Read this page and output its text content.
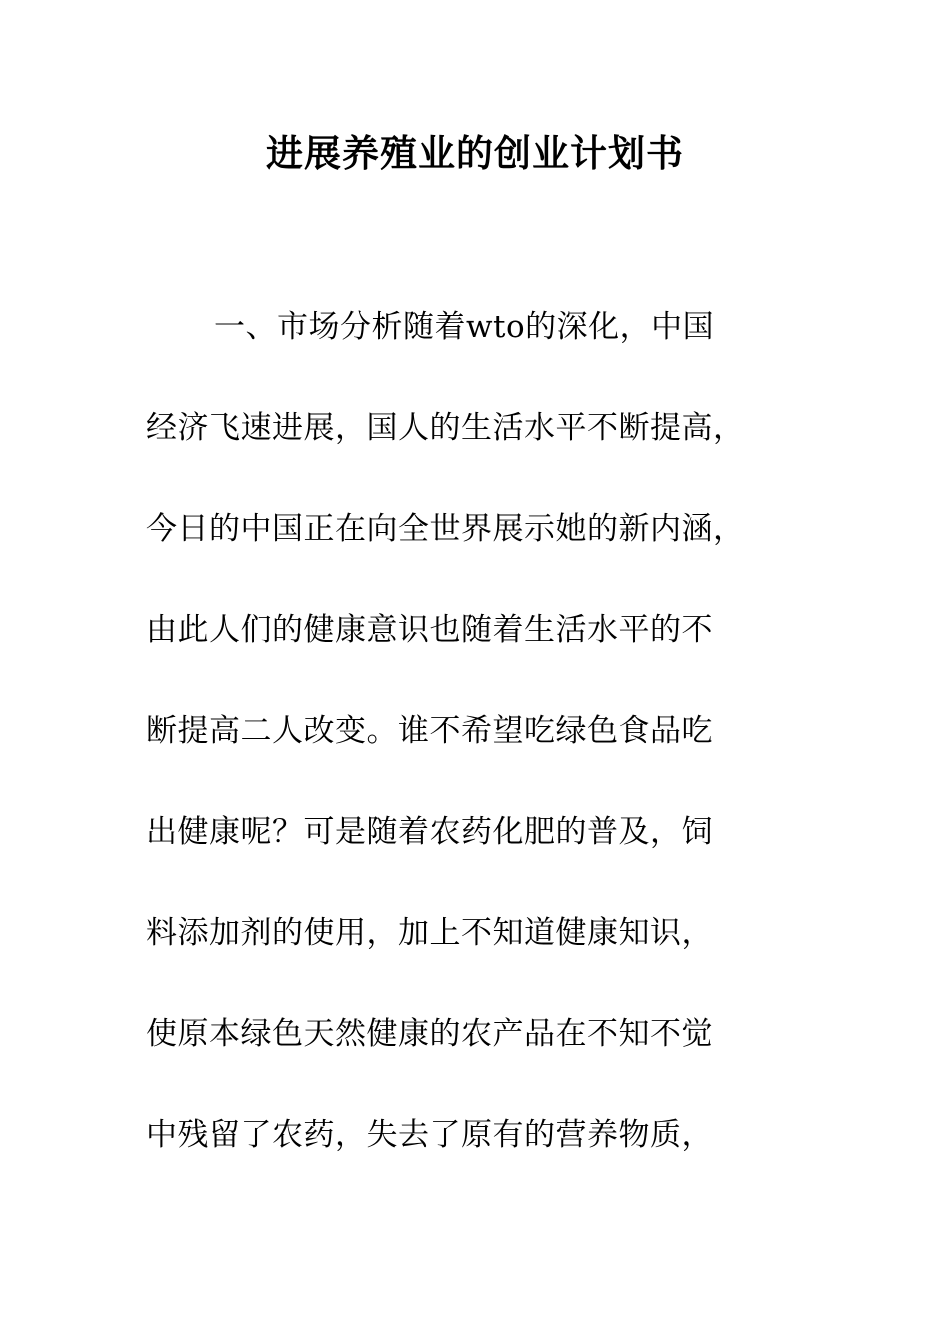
进展养殖业的创业计划书
一、市场分析随着wto的深化，中国
经济飞速进展，国人的生活水平不断提高，
今日的中国正在向全世界展示她的新内涵，
由此人们的健康意识也随着生活水平的不
断提高二人改变。谁不希望吃绿色食品吃
出健康呢？可是随着农药化肥的普及，饲
料添加剂的使用，加上不知道健康知识，
使原本绿色天然健康的农产品在不知不觉
中残留了农药，失去了原有的营养物质，
